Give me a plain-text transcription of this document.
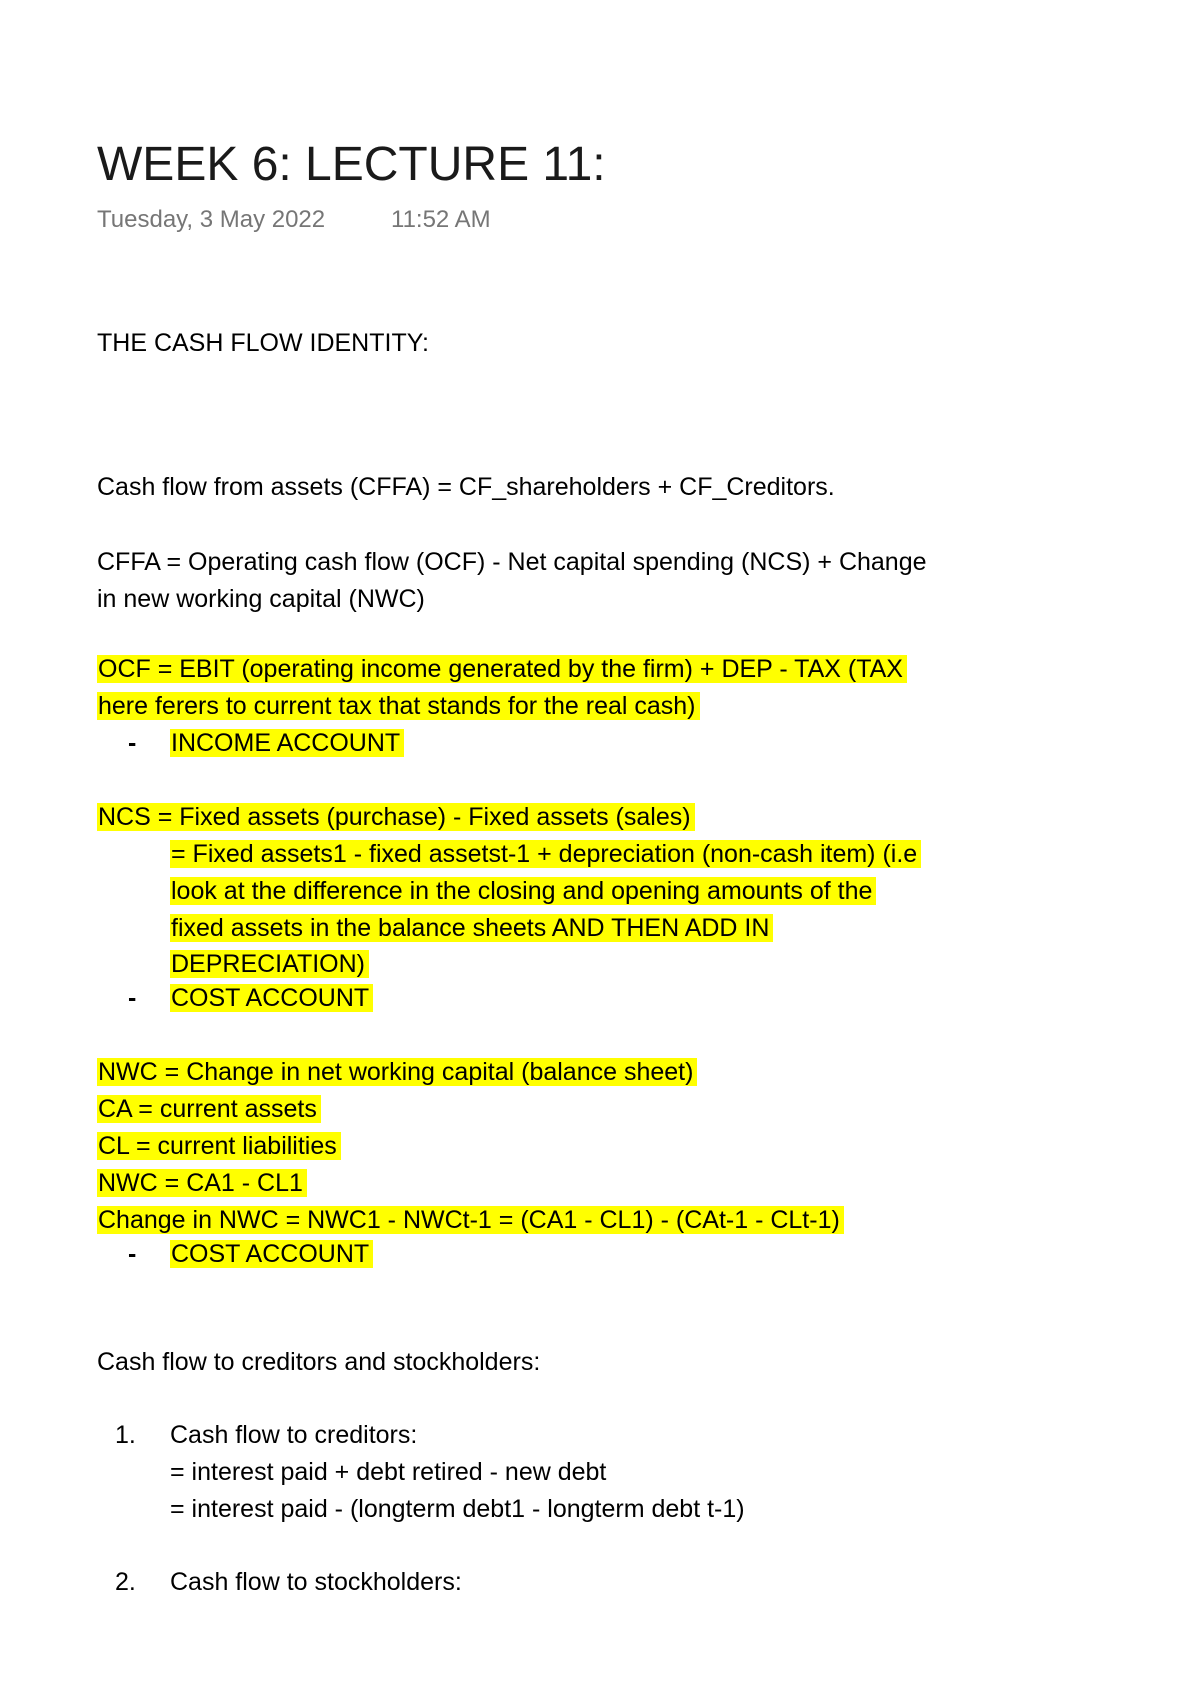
WEEK 6: LECTURE 11:
Tuesday, 3 May 2022	11:52 AM

THE CASH FLOW IDENTITY:

Cash flow from assets (CFFA) = CF_shareholders + CF_Creditors.

CFFA = Operating cash flow (OCF) - Net capital spending (NCS) + Change

in new working capital (NWC)

OCF = EBIT (operating income generated by the firm) + DEP - TAX (TAX

here ferers to current tax that stands for the real cash)

- INCOME ACCOUNT

NCS = Fixed assets (purchase) - Fixed assets (sales)

= Fixed assets1 - fixed assetst-1 + depreciation (non-cash item) (i.e

look at the difference in the closing and opening amounts of the

fixed assets in the balance sheets AND THEN ADD IN

DEPRECIATION)

- COST ACCOUNT

NWC = Change in net working capital (balance sheet)

CA = current assets

CL = current liabilities

NWC = CA1 - CL1

Change in NWC = NWC1 - NWCt-1 = (CA1 - CL1) - (CAt-1 - CLt-1)

- COST ACCOUNT

Cash flow to creditors and stockholders:

1. Cash flow to creditors:

= interest paid + debt retired - new debt

= interest paid - (longterm debt1 - longterm debt t-1)

2. Cash flow to stockholders:
